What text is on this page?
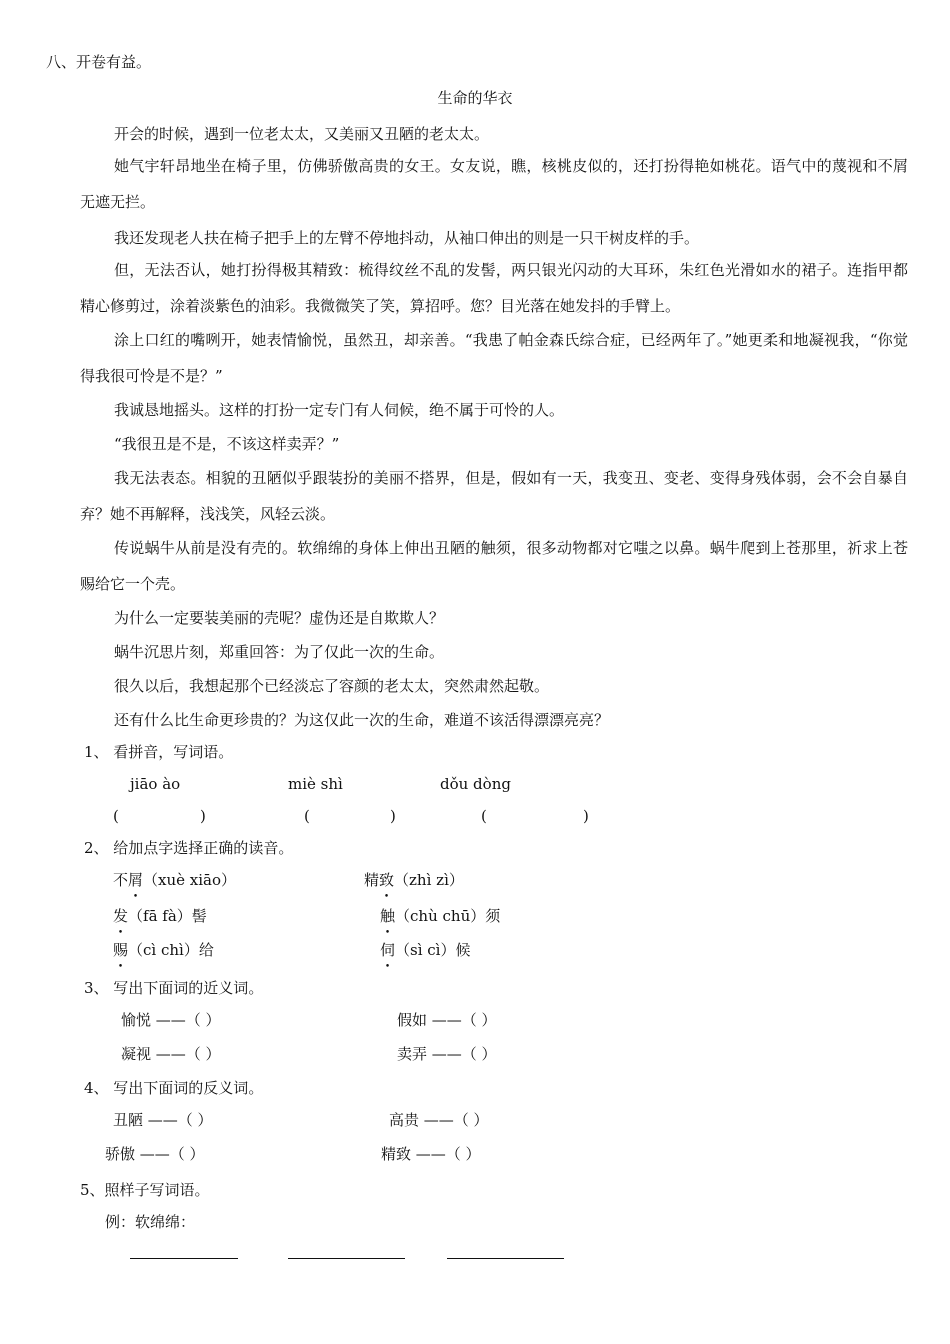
八、开卷有益。
生命的华衣
开会的时候，遇到一位老太太，又美丽又丑陋的老太太。
她气宇轩昂地坐在椅子里，仿佛骄傲高贵的女王。女友说，瞧，核桃皮似的，还打扮得艳如桃花。语气中的蔑视和不屑无遮无拦。
我还发现老人扶在椅子把手上的左臂不停地抖动，从袖口伸出的则是一只干树皮样的手。
但，无法否认，她打扮得极其精致：梳得纹丝不乱的发髻，两只银光闪动的大耳环，朱红色光滑如水的裙子。连指甲都精心修剪过，涂着淡紫色的油彩。我微微笑了笑，算招呼。您？目光落在她发抖的手臂上。
涂上口红的嘴咧开，她表情愉悦，虽然丑，却亲善。“我患了帕金森氏综合症，已经两年了。”她更柔和地凝视我，“你觉得我很可怜是不是？”
我诚恳地摇头。这样的打扮一定专门有人伺候，绝不属于可怜的人。
“我很丑是不是，不该这样卖弄？”
我无法表态。相貌的丑陋似乎跟装扮的美丽不搭界，但是，假如有一天，我变丑、变老、变得身残体弱，会不会自暴自弃？她不再解释，浅浅笑，风轻云淡。
传说蜗牛从前是没有壳的。软绵绵的身体上伸出丑陋的触须，很多动物都对它嗤之以鼻。蜗牛爬到上苍那里，祈求上苍赐给它一个壳。
为什么一定要装美丽的壳呢？虚伪还是自欺欺人？
蜗牛沉思片刻，郑重回答：为了仅此一次的生命。
很久以后，我想起那个已经淡忘了容颜的老太太，突然肃然起敬。
还有什么比生命更珍贵的？为这仅此一次的生命，难道不该活得漂漂亮亮？
1、 看拼音，写词语。
jiāo ào	miè shì	dǒu dòng
(	)	(	)	(	)
2、 给加点字选择正确的读音。
不屑（xuè xiāo）	精致（zhì zì）
发（fā fà）髻	触（chù chū）须
赐（cì chì）给	伺（sì cì）候
3、 写出下面词的近义词。
愉悦 ——（ ）	假如 ——（ ）
凝视 ——（ ）	卖弄 ——（ ）
4、 写出下面词的反义词。
丑陋 ——（ ）	高贵 ——（ ）
骄傲 ——（ ）	精致 ——（ ）
5、照样子写词语。
例：软绵绵：
